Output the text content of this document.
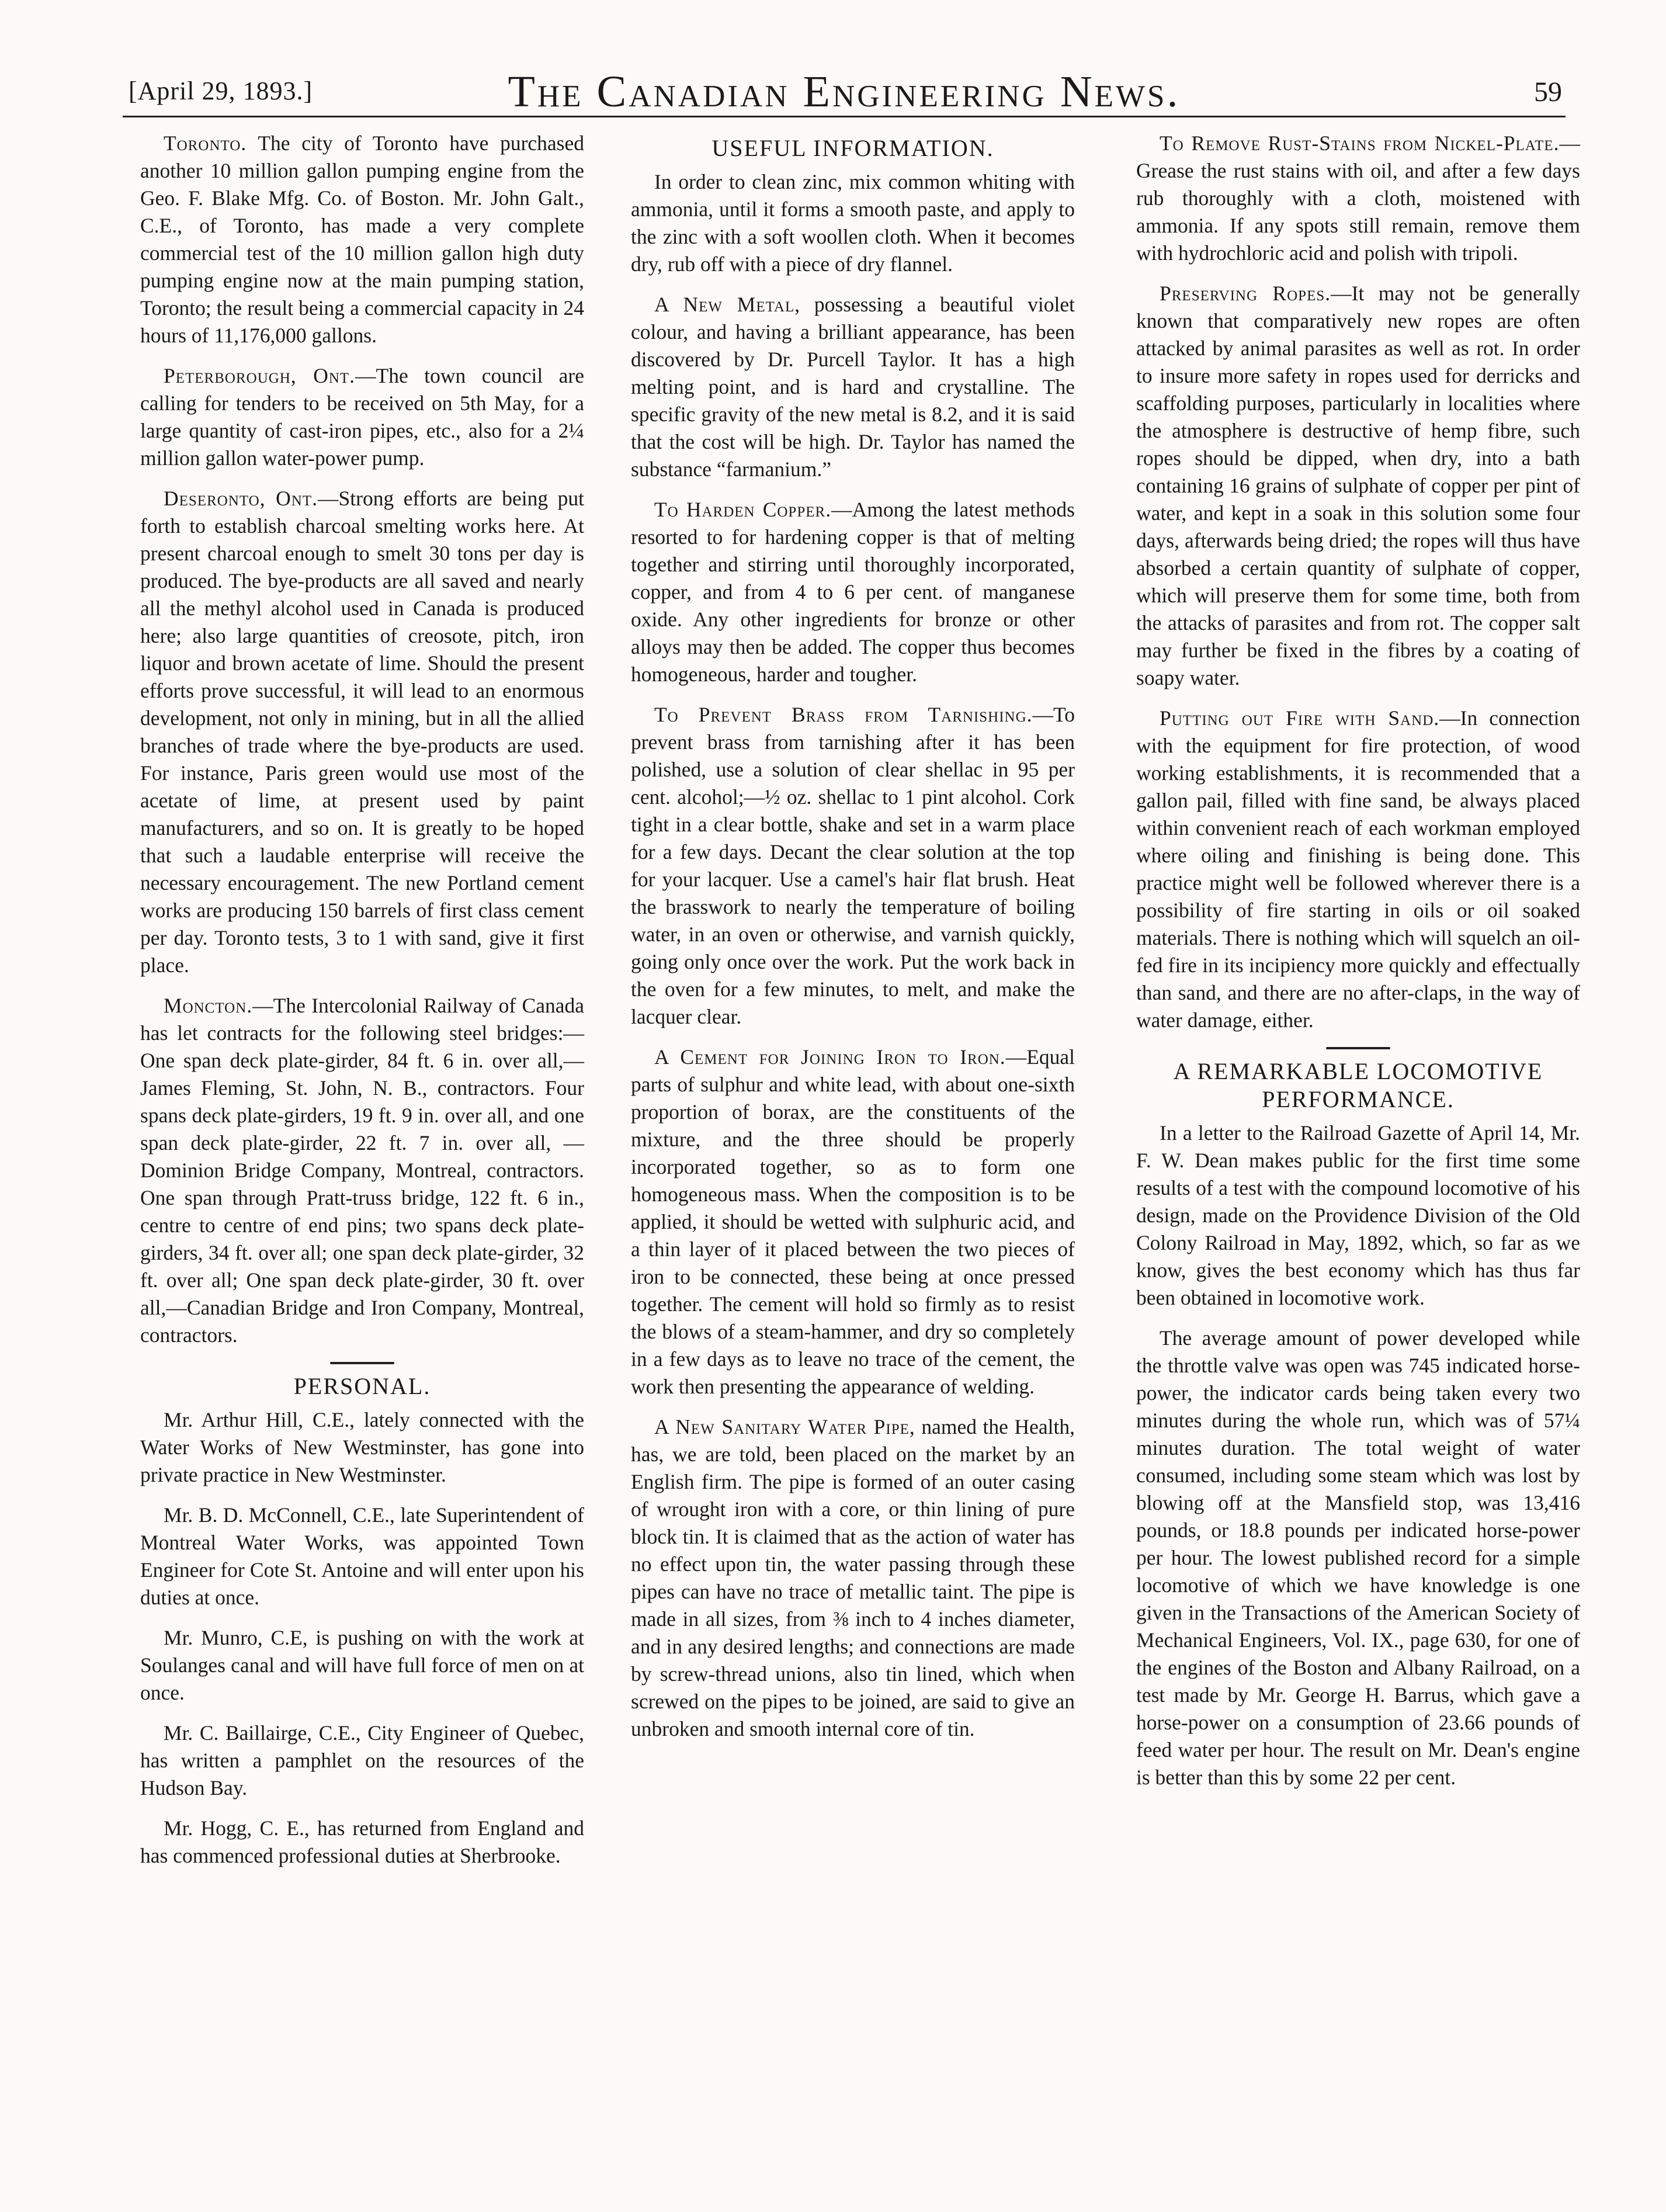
[April 29, 1893.]	The Canadian Engineering News.	59

Toronto. The city of Toronto have purchased another 10 million gallon pumping engine from the Geo. F. Blake Mfg. Co. of Boston. Mr. John Galt., C.E., of Toronto, has made a very complete commercial test of the 10 million gallon high duty pumping engine now at the main pumping station, Toronto; the result being a commercial capacity in 24 hours of 11,176,000 gallons.

Peterborough, Ont.—The town council are calling for tenders to be received on 5th May, for a large quantity of cast-iron pipes, etc., also for a 2¼ million gallon water-power pump.

Deseronto, Ont.—Strong efforts are being put forth to establish charcoal smelting works here. At present charcoal enough to smelt 30 tons per day is produced. The bye-products are all saved and nearly all the methyl alcohol used in Canada is produced here; also large quantities of creosote, pitch, iron liquor and brown acetate of lime. Should the present efforts prove successful, it will lead to an enormous development, not only in mining, but in all the allied branches of trade where the bye-products are used. For instance, Paris green would use most of the acetate of lime, at present used by paint manufacturers, and so on. It is greatly to be hoped that such a laudable enterprise will receive the necessary encouragement. The new Portland cement works are producing 150 barrels of first class cement per day. Toronto tests, 3 to 1 with sand, give it first place.

Moncton.—The Intercolonial Railway of Canada has let contracts for the following steel bridges:—One span deck plate-girder, 84 ft. 6 in. over all,—James Fleming, St. John, N. B., contractors. Four spans deck plate-girders, 19 ft. 9 in. over all, and one span deck plate-girder, 22 ft. 7 in. over all, —Dominion Bridge Company, Montreal, contractors. One span through Pratt-truss bridge, 122 ft. 6 in., centre to centre of end pins; two spans deck plate-girders, 34 ft. over all; one span deck plate-girder, 32 ft. over all; One span deck plate-girder, 30 ft. over all,—Canadian Bridge and Iron Company, Montreal, contractors.

PERSONAL.

Mr. Arthur Hill, C.E., lately connected with the Water Works of New Westminster, has gone into private practice in New Westminster.

Mr. B. D. McConnell, C.E., late Superintendent of Montreal Water Works, was appointed Town Engineer for Cote St. Antoine and will enter upon his duties at once.

Mr. Munro, C.E, is pushing on with the work at Soulanges canal and will have full force of men on at once.

Mr. C. Baillairge, C.E., City Engineer of Quebec, has written a pamphlet on the resources of the Hudson Bay.

Mr. Hogg, C. E., has returned from England and has commenced professional duties at Sherbrooke.

USEFUL INFORMATION.

In order to clean zinc, mix common whiting with ammonia, until it forms a smooth paste, and apply to the zinc with a soft woollen cloth. When it becomes dry, rub off with a piece of dry flannel.

A New Metal, possessing a beautiful violet colour, and having a brilliant appearance, has been discovered by Dr. Purcell Taylor. It has a high melting point, and is hard and crystalline. The specific gravity of the new metal is 8.2, and it is said that the cost will be high. Dr. Taylor has named the substance “farmanium.”

To Harden Copper.—Among the latest methods resorted to for hardening copper is that of melting together and stirring until thoroughly incorporated, copper, and from 4 to 6 per cent. of manganese oxide. Any other ingredients for bronze or other alloys may then be added. The copper thus becomes homogeneous, harder and tougher.

To Prevent Brass from Tarnishing.—To prevent brass from tarnishing after it has been polished, use a solution of clear shellac in 95 per cent. alcohol;—½ oz. shellac to 1 pint alcohol. Cork tight in a clear bottle, shake and set in a warm place for a few days. Decant the clear solution at the top for your lacquer. Use a camel's hair flat brush. Heat the brasswork to nearly the temperature of boiling water, in an oven or otherwise, and varnish quickly, going only once over the work. Put the work back in the oven for a few minutes, to melt, and make the lacquer clear.

A Cement for Joining Iron to Iron.—Equal parts of sulphur and white lead, with about one-sixth proportion of borax, are the constituents of the mixture, and the three should be properly incorporated together, so as to form one homogeneous mass. When the composition is to be applied, it should be wetted with sulphuric acid, and a thin layer of it placed between the two pieces of iron to be connected, these being at once pressed together. The cement will hold so firmly as to resist the blows of a steam-hammer, and dry so completely in a few days as to leave no trace of the cement, the work then presenting the appearance of welding.

A New Sanitary Water Pipe, named the Health, has, we are told, been placed on the market by an English firm. The pipe is formed of an outer casing of wrought iron with a core, or thin lining of pure block tin. It is claimed that as the action of water has no effect upon tin, the water passing through these pipes can have no trace of metallic taint. The pipe is made in all sizes, from ⅜ inch to 4 inches diameter, and in any desired lengths; and connections are made by screw-thread unions, also tin lined, which when screwed on the pipes to be joined, are said to give an unbroken and smooth internal core of tin.

To Remove Rust-Stains from Nickel-Plate.—Grease the rust stains with oil, and after a few days rub thoroughly with a cloth, moistened with ammonia. If any spots still remain, remove them with hydrochloric acid and polish with tripoli.

Preserving Ropes.—It may not be generally known that comparatively new ropes are often attacked by animal parasites as well as rot. In order to insure more safety in ropes used for derricks and scaffolding purposes, particularly in localities where the atmosphere is destructive of hemp fibre, such ropes should be dipped, when dry, into a bath containing 16 grains of sulphate of copper per pint of water, and kept in a soak in this solution some four days, afterwards being dried; the ropes will thus have absorbed a certain quantity of sulphate of copper, which will preserve them for some time, both from the attacks of parasites and from rot. The copper salt may further be fixed in the fibres by a coating of soapy water.

Putting out Fire with Sand.—In connection with the equipment for fire protection, of wood working establishments, it is recommended that a gallon pail, filled with fine sand, be always placed within convenient reach of each workman employed where oiling and finishing is being done. This practice might well be followed wherever there is a possibility of fire starting in oils or oil soaked materials. There is nothing which will squelch an oil-fed fire in its incipiency more quickly and effectually than sand, and there are no after-claps, in the way of water damage, either.

A REMARKABLE LOCOMOTIVE PERFORMANCE.

In a letter to the Railroad Gazette of April 14, Mr. F. W. Dean makes public for the first time some results of a test with the compound locomotive of his design, made on the Providence Division of the Old Colony Railroad in May, 1892, which, so far as we know, gives the best economy which has thus far been obtained in locomotive work.

The average amount of power developed while the throttle valve was open was 745 indicated horse-power, the indicator cards being taken every two minutes during the whole run, which was of 57¼ minutes duration. The total weight of water consumed, including some steam which was lost by blowing off at the Mansfield stop, was 13,416 pounds, or 18.8 pounds per indicated horse-power per hour. The lowest published record for a simple locomotive of which we have knowledge is one given in the Transactions of the American Society of Mechanical Engineers, Vol. IX., page 630, for one of the engines of the Boston and Albany Railroad, on a test made by Mr. George H. Barrus, which gave a horse-power on a consumption of 23.66 pounds of feed water per hour. The result on Mr. Dean's engine is better than this by some 22 per cent.
